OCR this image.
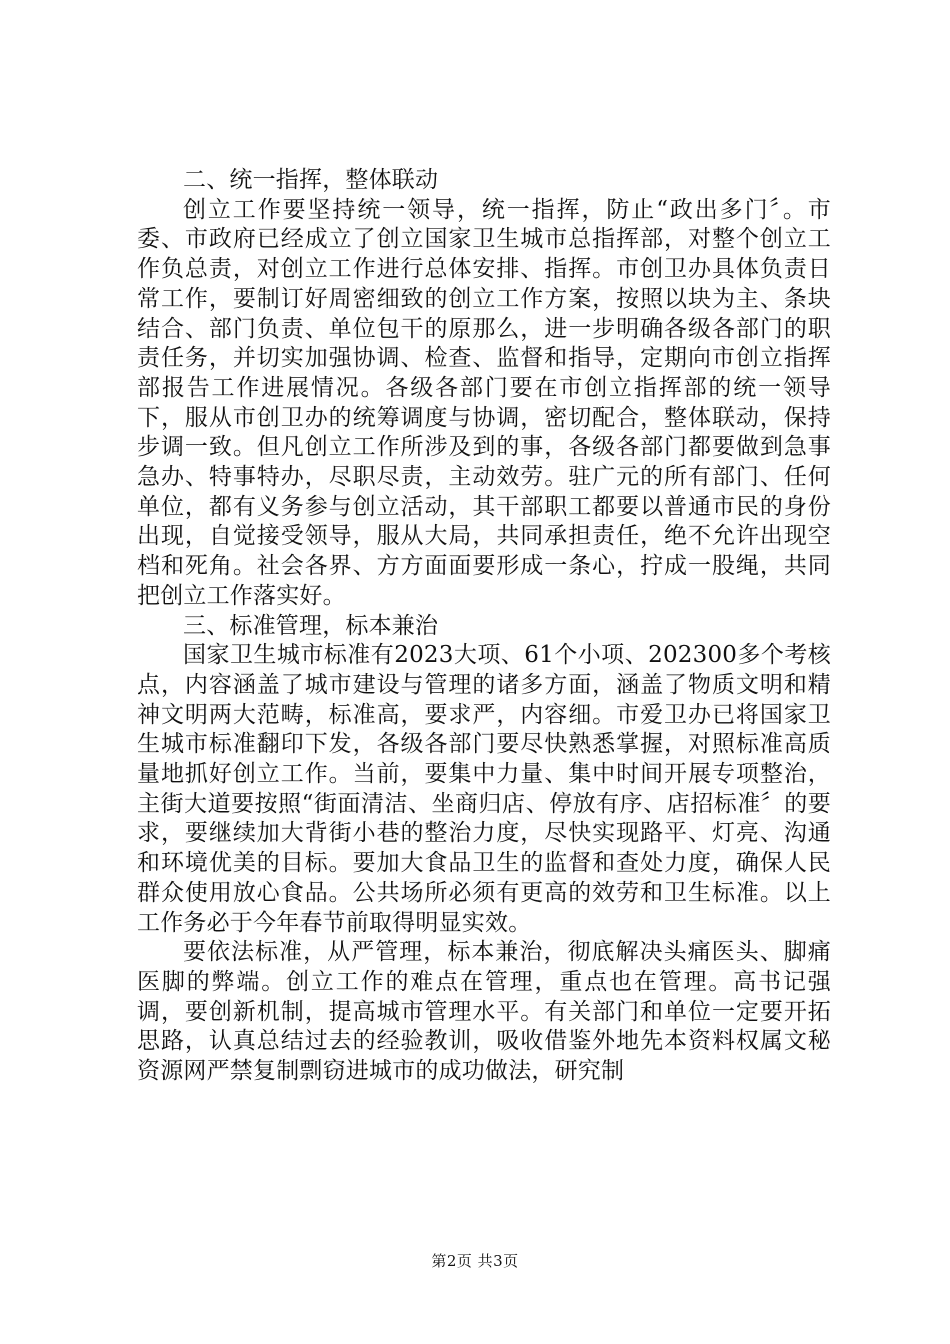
二、统一指挥，整体联动

创立工作要坚持统一领导，统一指挥，防止“政出多门〞。市委、市政府已经成立了创立国家卫生城市总指挥部，对整个创立工作负总责，对创立工作进行总体安排、指挥。市创卫办具体负责日常工作，要制订好周密细致的创立工作方案，按照以块为主、条块结合、部门负责、单位包干的原那么，进一步明确各级各部门的职责任务，并切实加强协调、检查、监督和指导，定期向市创立指挥部报告工作进展情况。各级各部门要在市创立指挥部的统一领导下，服从市创卫办的统筹调度与协调，密切配合，整体联动，保持步调一致。但凡创立工作所涉及到的事，各级各部门都要做到急事急办、特事特办，尽职尽责，主动效劳。驻广元的所有部门、任何单位，都有义务参与创立活动，其干部职工都要以普通市民的身份出现，自觉接受领导，服从大局，共同承担责任，绝不允许出现空档和死角。社会各界、方方面面要形成一条心，拧成一股绳，共同把创立工作落实好。

三、标准管理，标本兼治

国家卫生城市标准有2023大项、61个小项、202300多个考核点，内容涵盖了城市建设与管理的诸多方面，涵盖了物质文明和精神文明两大范畴，标准高，要求严，内容细。市爱卫办已将国家卫生城市标准翻印下发，各级各部门要尽快熟悉掌握，对照标准高质量地抓好创立工作。当前，要集中力量、集中时间开展专项整治，主街大道要按照“街面清洁、坐商归店、停放有序、店招标准〞的要求，要继续加大背街小巷的整治力度，尽快实现路平、灯亮、沟通和环境优美的目标。要加大食品卫生的监督和查处力度，确保人民群众使用放心食品。公共场所必须有更高的效劳和卫生标准。以上工作务必于今年春节前取得明显实效。

要依法标准，从严管理，标本兼治，彻底解决头痛医头、脚痛医脚的弊端。创立工作的难点在管理，重点也在管理。高书记强调，要创新机制，提高城市管理水平。有关部门和单位一定要开拓思路，认真总结过去的经验教训，吸收借鉴外地先本资料权属文秘资源网严禁复制剽窃进城市的成功做法，研究制

第2页 共3页
